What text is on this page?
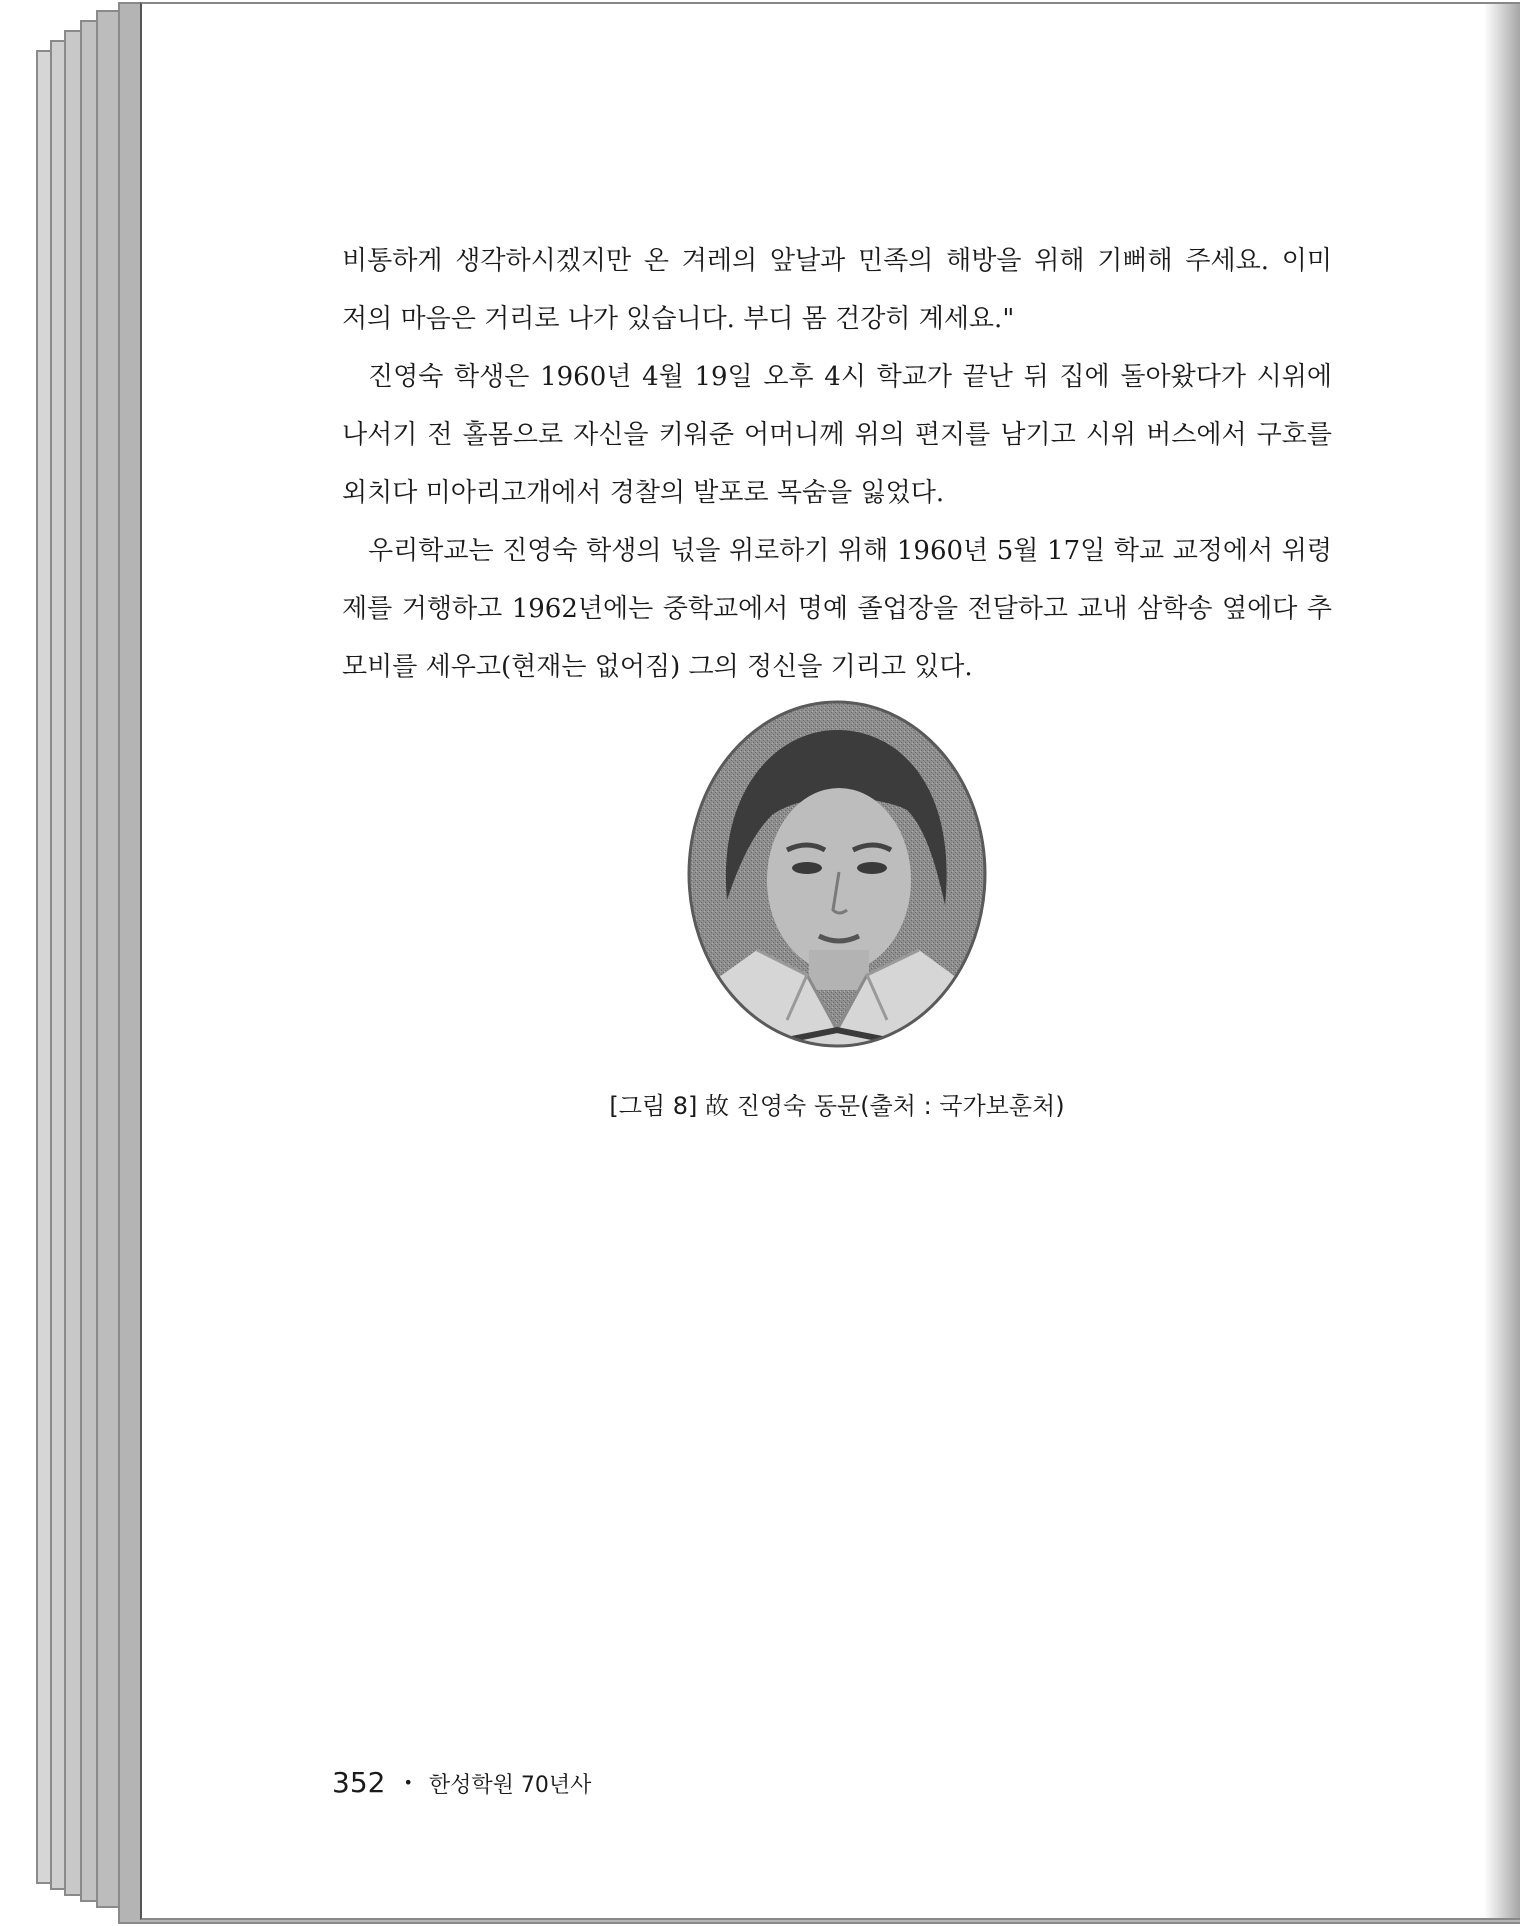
비통하게 생각하시겠지만 온 겨레의 앞날과 민족의 해방을 위해 기뻐해 주세요. 이미
저의 마음은 거리로 나가 있습니다. 부디 몸 건강히 계세요."
진영숙 학생은 1960년 4월 19일 오후 4시 학교가 끝난 뒤 집에 돌아왔다가 시위에
나서기 전 홀몸으로 자신을 키워준 어머니께 위의 편지를 남기고 시위 버스에서 구호를
외치다 미아리고개에서 경찰의 발포로 목숨을 잃었다.
우리학교는 진영숙 학생의 넋을 위로하기 위해 1960년 5월 17일 학교 교정에서 위령
제를 거행하고 1962년에는 중학교에서 명예 졸업장을 전달하고 교내 삼학송 옆에다 추
모비를 세우고(현재는 없어짐) 그의 정신을 기리고 있다.
[그림 8] 故 진영숙 동문(출처 : 국가보훈처)
352 • 한성학원 70년사
